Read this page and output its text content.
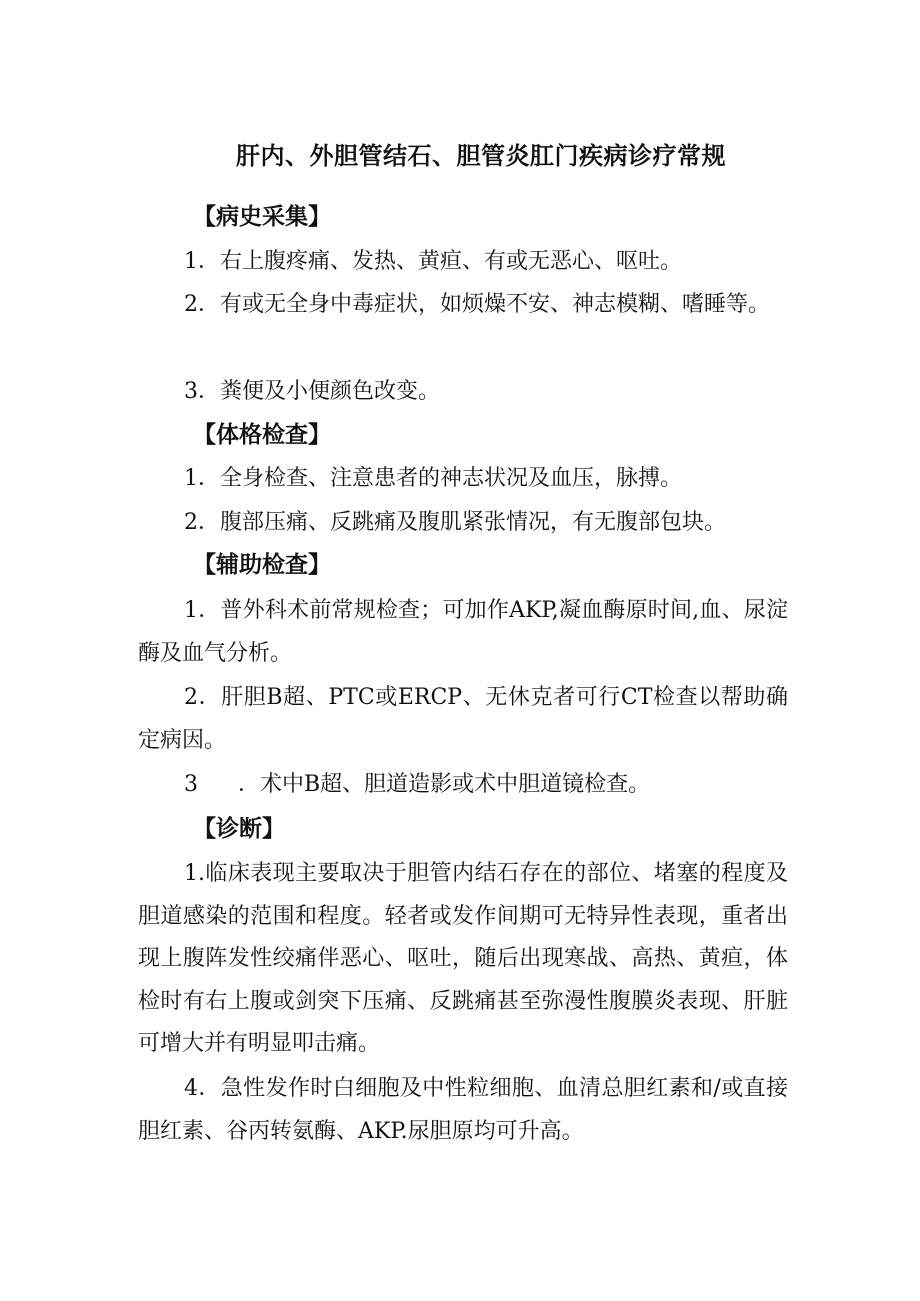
肝内、外胆管结石、胆管炎肛门疾病诊疗常规
【病史采集】
1．右上腹疼痛、发热、黄疸、有或无恶心、呕吐。
2．有或无全身中毒症状，如烦燥不安、神志模糊、嗜睡等。
3．粪便及小便颜色改变。
【体格检查】
1．全身检查、注意患者的神志状况及血压，脉搏。
2．腹部压痛、反跳痛及腹肌紧张情况，有无腹部包块。
【辅助检查】
1．普外科术前常规检查；可加作AKP,凝血酶原时间,血、尿淀酶及血气分析。
2．肝胆B超、PTC或ERCP、无休克者可行CT检查以帮助确定病因。
3 ．术中B超、胆道造影或术中胆道镜检查。
【诊断】
1.临床表现主要取决于胆管内结石存在的部位、堵塞的程度及胆道感染的范围和程度。轻者或发作间期可无特异性表现，重者出现上腹阵发性绞痛伴恶心、呕吐，随后出现寒战、高热、黄疸，体检时有右上腹或剑突下压痛、反跳痛甚至弥漫性腹膜炎表现、肝脏可增大并有明显叩击痛。
4．急性发作时白细胞及中性粒细胞、血清总胆红素和/或直接胆红素、谷丙转氨酶、AKP.尿胆原均可升高。
